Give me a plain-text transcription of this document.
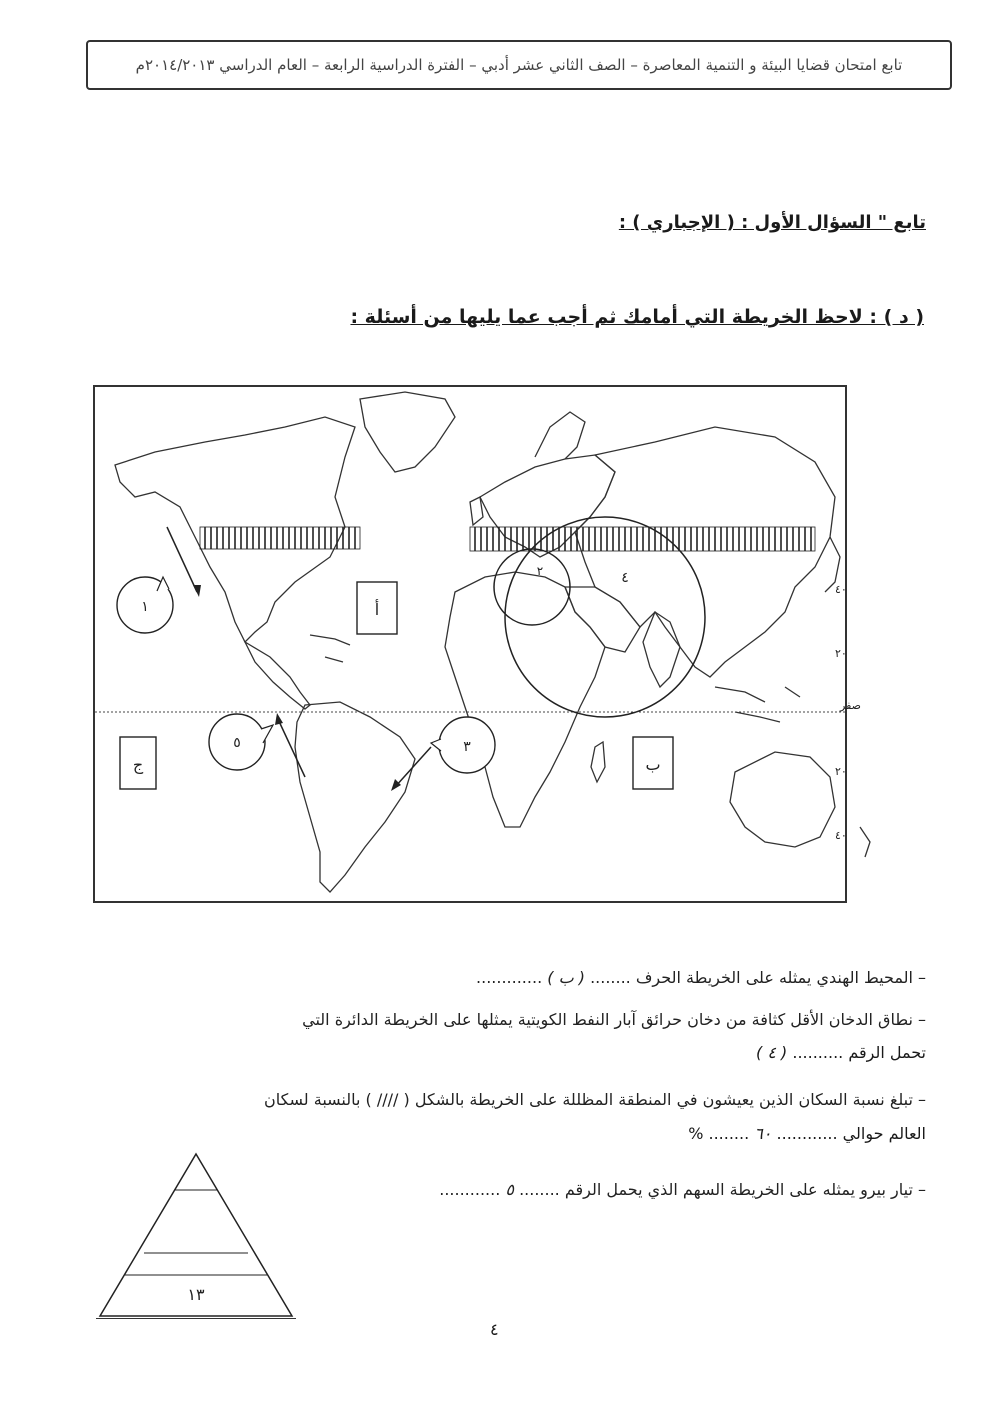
تابع امتحان قضايا البيئة و التنمية المعاصرة – الصف الثاني عشر أدبي – الفترة الدراسية الرابعة – العام الدراسي ٢٠١٤/٢٠١٣م
تابع " السؤال الأول : ( الإجباري ) :
( د ) : لاحظ الخريطة التي أمامك ثم أجب عما يليها من أسئلة :
٤
٢
أ
ب
ج
١
٥	٣
٤٠
٢٠
صفر
٢٠
٤٠
– المحيط الهندي يمثله على الخريطة الحرف ........ ( ب ) .............
– نطاق الدخان الأقل كثافة من دخان حرائق آبار النفط الكويتية يمثلها على الخريطة الدائرة التي
تحمل الرقم .......... ( ٤ )
– تبلغ نسبة السكان الذين يعيشون في المنطقة المظللة على الخريطة بالشكل ( //// ) بالنسبة لسكان
العالم حوالي ............ ٦٠ ........ %
– تيار بيرو يمثله على الخريطة السهم الذي يحمل الرقم ........ ٥ ............
١٣
٤
